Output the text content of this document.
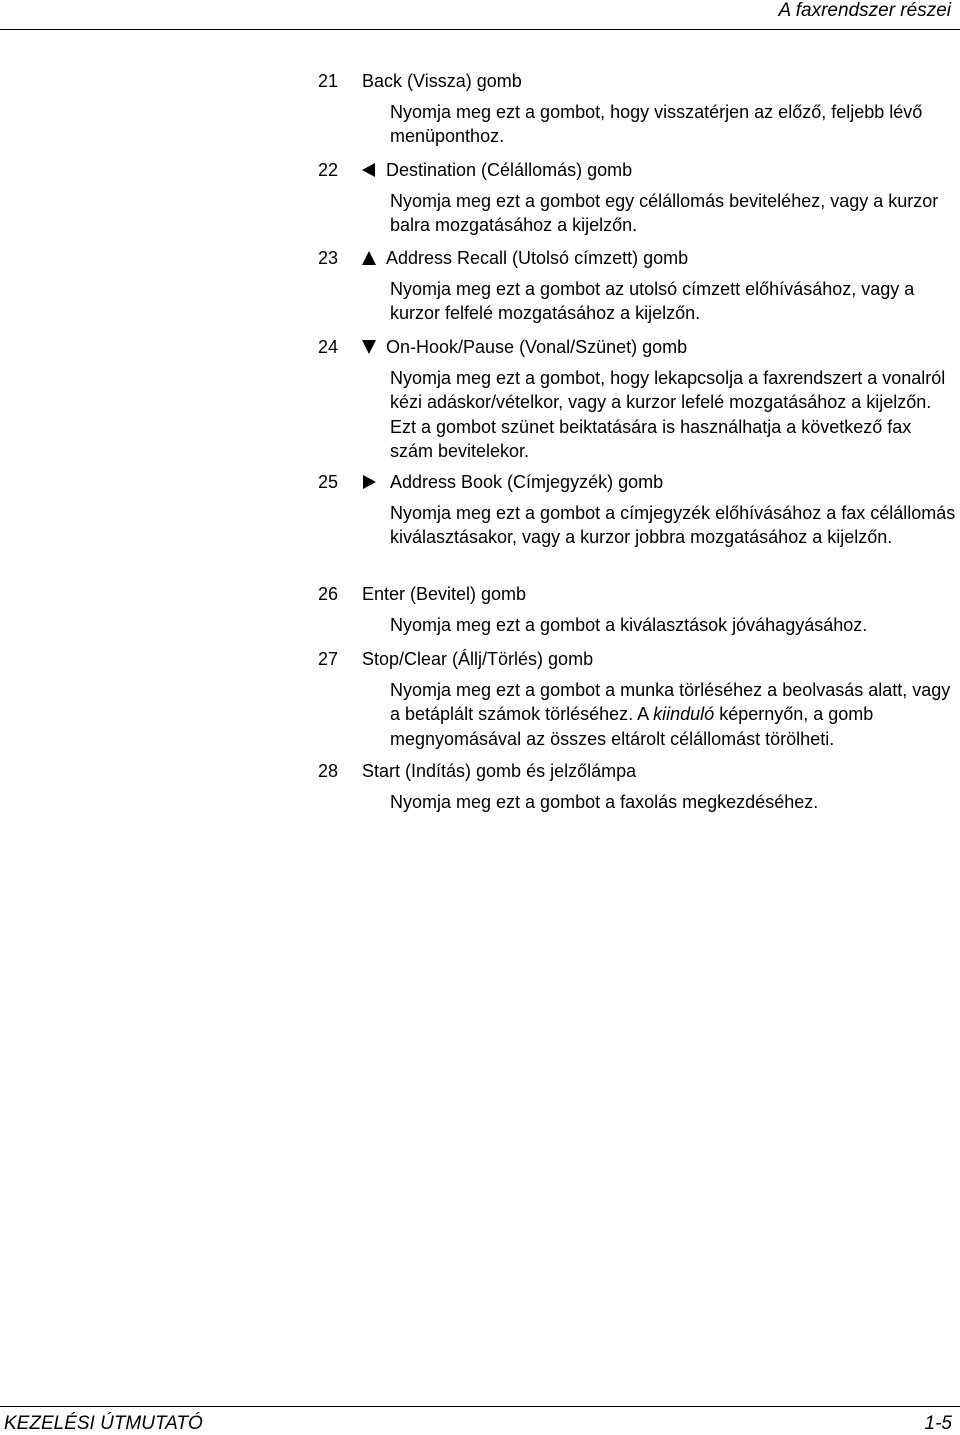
A faxrendszer részei
21 Back (Vissza) gomb
Nyomja meg ezt a gombot, hogy visszatérjen az előző, feljebb lévő menüponthoz.
22	Destination (Célállomás) gomb
Nyomja meg ezt a gombot egy célállomás beviteléhez, vagy a kurzor balra mozgatásához a kijelzőn.
23	Address Recall (Utolsó címzett) gomb
Nyomja meg ezt a gombot az utolsó címzett előhívásához, vagy a kurzor felfelé mozgatásához a kijelzőn.
24	On-Hook/Pause (Vonal/Szünet) gomb
Nyomja meg ezt a gombot, hogy lekapcsolja a faxrendszert a vonalról kézi adáskor/vételkor, vagy a kurzor lefelé mozgatásához a kijelzőn. Ezt a gombot szünet beiktatására is használhatja a következő fax szám bevitelekor.
25	Address Book (Címjegyzék) gomb
Nyomja meg ezt a gombot a címjegyzék előhívásához a fax célállomás kiválasztásakor, vagy a kurzor jobbra mozgatásához a kijelzőn.
26 Enter (Bevitel) gomb
Nyomja meg ezt a gombot a kiválasztások jóváhagyásához.
27 Stop/Clear (Állj/Törlés) gomb
Nyomja meg ezt a gombot a munka törléséhez a beolvasás alatt, vagy a betáplált számok törléséhez. A kiinduló képernyőn, a gomb megnyomásával az összes eltárolt célállomást törölheti.
28 Start (Indítás) gomb és jelzőlámpa
Nyomja meg ezt a gombot a faxolás megkezdéséhez.
KEZELÉSI ÚTMUTATÓ	1-5
